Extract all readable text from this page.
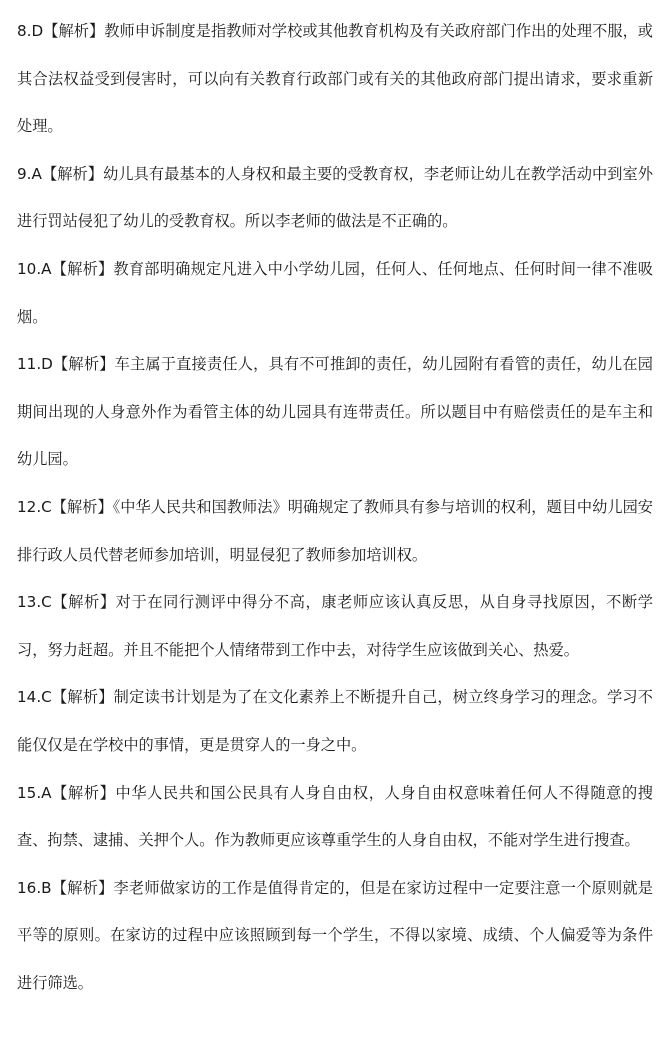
8.D【解析】教师申诉制度是指教师对学校或其他教育机构及有关政府部门作出的处理不服，或其合法权益受到侵害时，可以向有关教育行政部门或有关的其他政府部门提出请求，要求重新处理。

9.A【解析】幼儿具有最基本的人身权和最主要的受教育权，李老师让幼儿在教学活动中到室外进行罚站侵犯了幼儿的受教育权。所以李老师的做法是不正确的。

10.A【解析】教育部明确规定凡进入中小学幼儿园，任何人、任何地点、任何时间一律不准吸烟。

11.D【解析】车主属于直接责任人，具有不可推卸的责任，幼儿园附有看管的责任，幼儿在园期间出现的人身意外作为看管主体的幼儿园具有连带责任。所以题目中有赔偿责任的是车主和幼儿园。

12.C【解析】《中华人民共和国教师法》明确规定了教师具有参与培训的权利，题目中幼儿园安排行政人员代替老师参加培训，明显侵犯了教师参加培训权。

13.C【解析】对于在同行测评中得分不高，康老师应该认真反思，从自身寻找原因，不断学习，努力赶超。并且不能把个人情绪带到工作中去，对待学生应该做到关心、热爱。

14.C【解析】制定读书计划是为了在文化素养上不断提升自己，树立终身学习的理念。学习不能仅仅是在学校中的事情，更是贯穿人的一身之中。

15.A【解析】中华人民共和国公民具有人身自由权，人身自由权意味着任何人不得随意的搜查、拘禁、逮捕、关押个人。作为教师更应该尊重学生的人身自由权，不能对学生进行搜查。

16.B【解析】李老师做家访的工作是值得肯定的，但是在家访过程中一定要注意一个原则就是平等的原则。在家访的过程中应该照顾到每一个学生，不得以家境、成绩、个人偏爱等为条件进行筛选。
